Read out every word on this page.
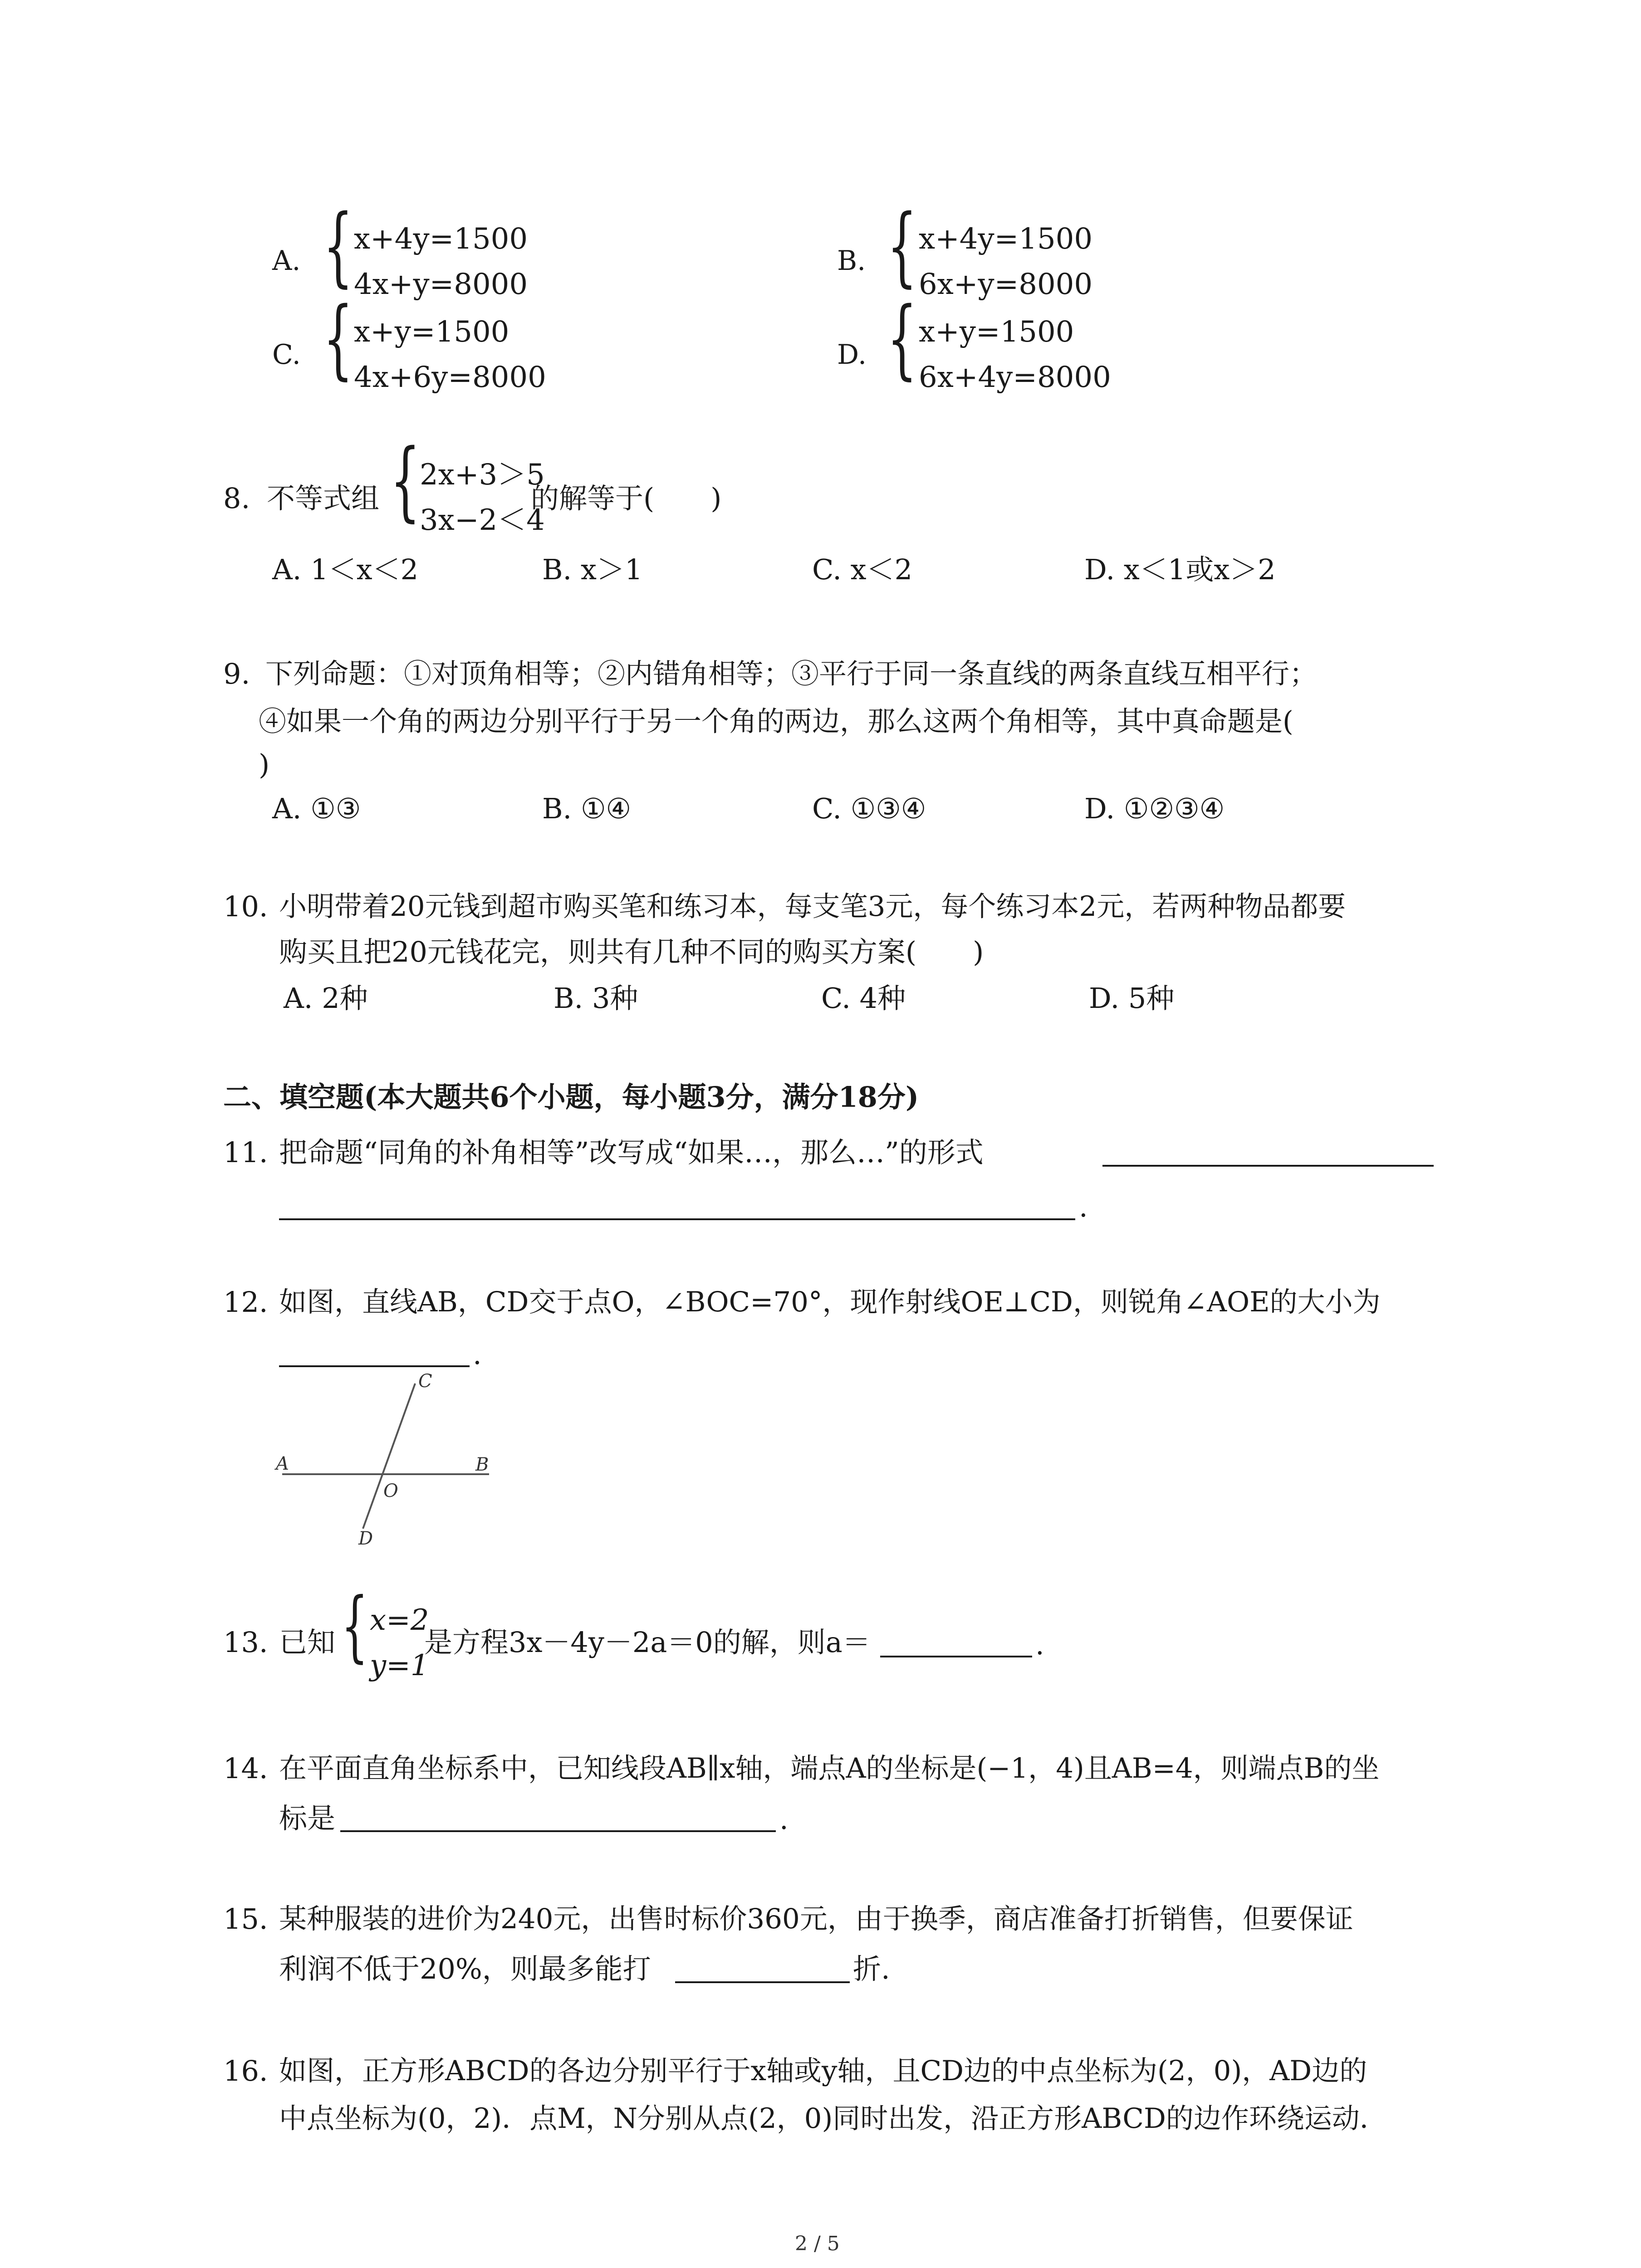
A. { x+4y=1500
4x+y=8000
B. { x+4y=1500
6x+y=8000
C. { x+y=1500
4x+6y=8000
D. { x+y=1500
6x+4y=8000
8. 不等式组 {
2x+3＞5
3x−2＜4
的解等于(　　)
A. 1＜x＜2	B. x＞1	C. x＜2	D. x＜1或x＞2
9. 下列命题：①对顶角相等；②内错角相等；③平行于同一条直线的两条直线互相平行；
④如果一个角的两边分别平行于另一个角的两边，那么这两个角相等，其中真命题是(
)
A. ①③	B. ①④	C. ①③④	D. ①②③④
10. 小明带着20元钱到超市购买笔和练习本，每支笔3元，每个练习本2元，若两种物品都要
购买且把20元钱花完，则共有几种不同的购买方案(　　)
A. 2种	B. 3种	C. 4种	D. 5种
二、填空题(本大题共6个小题，每小题3分，满分18分)
11. 把命题“同角的补角相等”改写成“如果…，那么…”的形式
.
12. 如图，直线AB，CD交于点O，∠BOC=70°，现作射线OE⊥CD，则锐角∠AOE的大小为
.
A	B
C
D
O
13. 已知 { x=2
y=1
是方程3x－4y－2a＝0的解，则a＝	.
14. 在平面直角坐标系中，已知线段AB∥x轴，端点A的坐标是(−1，4)且AB=4，则端点B的坐
标是	.
15. 某种服装的进价为240元，出售时标价360元，由于换季，商店准备打折销售，但要保证
利润不低于20%，则最多能打	折.
16. 如图，正方形ABCD的各边分别平行于x轴或y轴，且CD边的中点坐标为(2，0)，AD边的
中点坐标为(0，2)．点M，N分别从点(2，0)同时出发，沿正方形ABCD的边作环绕运动．
2 / 5
